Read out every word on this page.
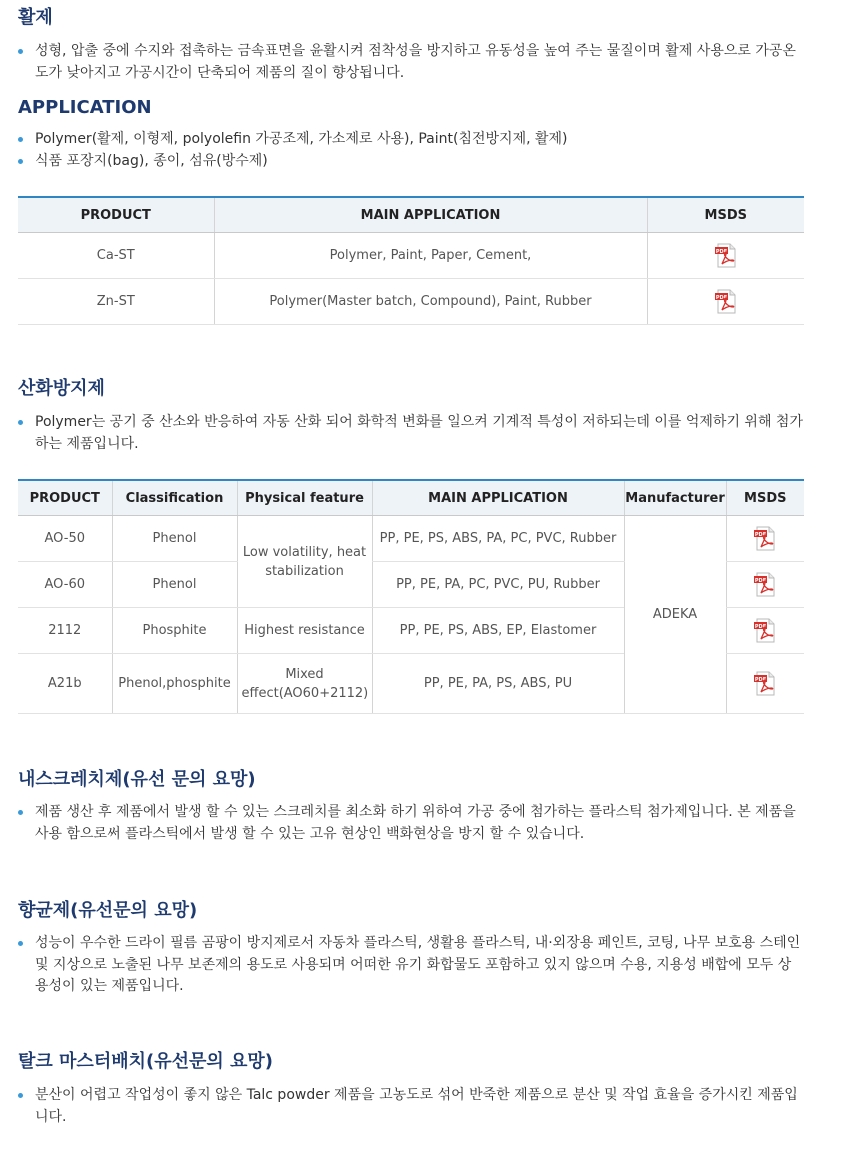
활제
성형, 압출 중에 수지와 접촉하는 금속표면을 윤활시켜 점착성을 방지하고 유동성을 높여 주는 물질이며 활제 사용으로 가공온도가 낮아지고 가공시간이 단축되어 제품의 질이 향상됩니다.
APPLICATION
Polymer(활제, 이형제, polyolefin 가공조제, 가소제로 사용), Paint(침전방지제, 활제)
식품 포장지(bag), 종이, 섬유(방수제)
PRODUCT	MAIN APPLICATION	MSDS
Ca-ST	Polymer, Paint, Paper, Cement,	
Zn-ST	Polymer(Master batch, Compound), Paint, Rubber	
산화방지제
Polymer는 공기 중 산소와 반응하여 자동 산화 되어 화학적 변화를 일으켜 기계적 특성이 저하되는데 이를 억제하기 위해 첨가하는 제품입니다.
PRODUCT	Classification	Physical feature	MAIN APPLICATION	Manufacturer	MSDS
AO-50	Phenol	Low volatility, heat stabilization	PP, PE, PS, ABS, PA, PC, PVC, Rubber	ADEKA	
AO-60	Phenol		PP, PE, PA, PC, PVC, PU, Rubber	
2112	Phosphite	Highest resistance	PP, PE, PS, ABS, EP, Elastomer	
A21b	Phenol,phosphite	Mixed effect(AO60+2112)	PP, PE, PA, PS, ABS, PU	
내스크레치제(유선 문의 요망)
제품 생산 후 제품에서 발생 할 수 있는 스크레치를 최소화 하기 위하여 가공 중에 첨가하는 플라스틱 첨가제입니다. 본 제품을 사용 함으로써 플라스틱에서 발생 할 수 있는 고유 현상인 백화현상을 방지 할 수 있습니다.
향균제(유선문의 요망)
성능이 우수한 드라이 필름 곰팡이 방지제로서 자동차 플라스틱, 생활용 플라스틱, 내·외장용 페인트, 코팅, 나무 보호용 스테인 및 지상으로 노출된 나무 보존제의 용도로 사용되며 어떠한 유기 화합물도 포함하고 있지 않으며 수용, 지용성 배합에 모두 상용성이 있는 제품입니다.
탈크 마스터배치(유선문의 요망)
분산이 어렵고 작업성이 좋지 않은 Talc powder 제품을 고농도로 섞어 반죽한 제품으로 분산 및 작업 효율을 증가시킨 제품입니다.
